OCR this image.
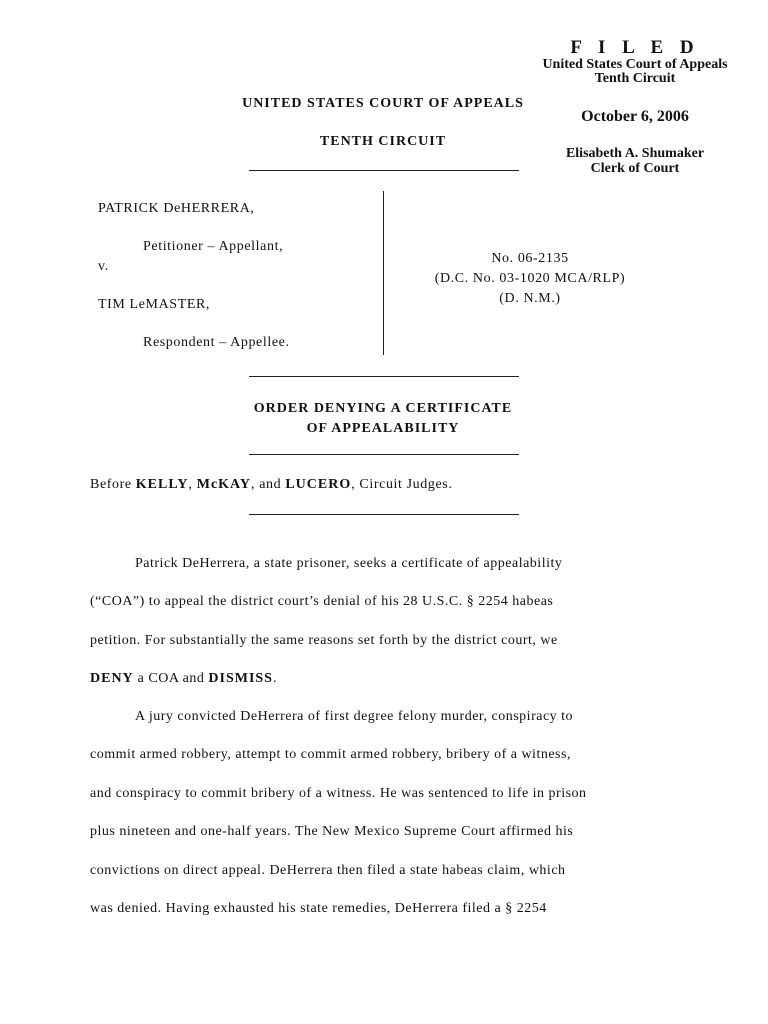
F I L E D
United States Court of Appeals
Tenth Circuit
October 6, 2006
Elisabeth A. Shumaker
Clerk of Court
UNITED STATES COURT OF APPEALS
TENTH CIRCUIT
PATRICK DeHERRERA,
Petitioner – Appellant,
v.
TIM LeMASTER,
Respondent – Appellee.
No. 06-2135
(D.C. No. 03-1020 MCA/RLP)
(D. N.M.)
ORDER DENYING A CERTIFICATE
OF APPEALABILITY
Before KELLY, McKAY, and LUCERO, Circuit Judges.
Patrick DeHerrera, a state prisoner, seeks a certificate of appealability
(“COA”) to appeal the district court’s denial of his 28 U.S.C. § 2254 habeas
petition. For substantially the same reasons set forth by the district court, we
DENY a COA and DISMISS.
A jury convicted DeHerrera of first degree felony murder, conspiracy to
commit armed robbery, attempt to commit armed robbery, bribery of a witness,
and conspiracy to commit bribery of a witness. He was sentenced to life in prison
plus nineteen and one-half years. The New Mexico Supreme Court affirmed his
convictions on direct appeal. DeHerrera then filed a state habeas claim, which
was denied. Having exhausted his state remedies, DeHerrera filed a § 2254
